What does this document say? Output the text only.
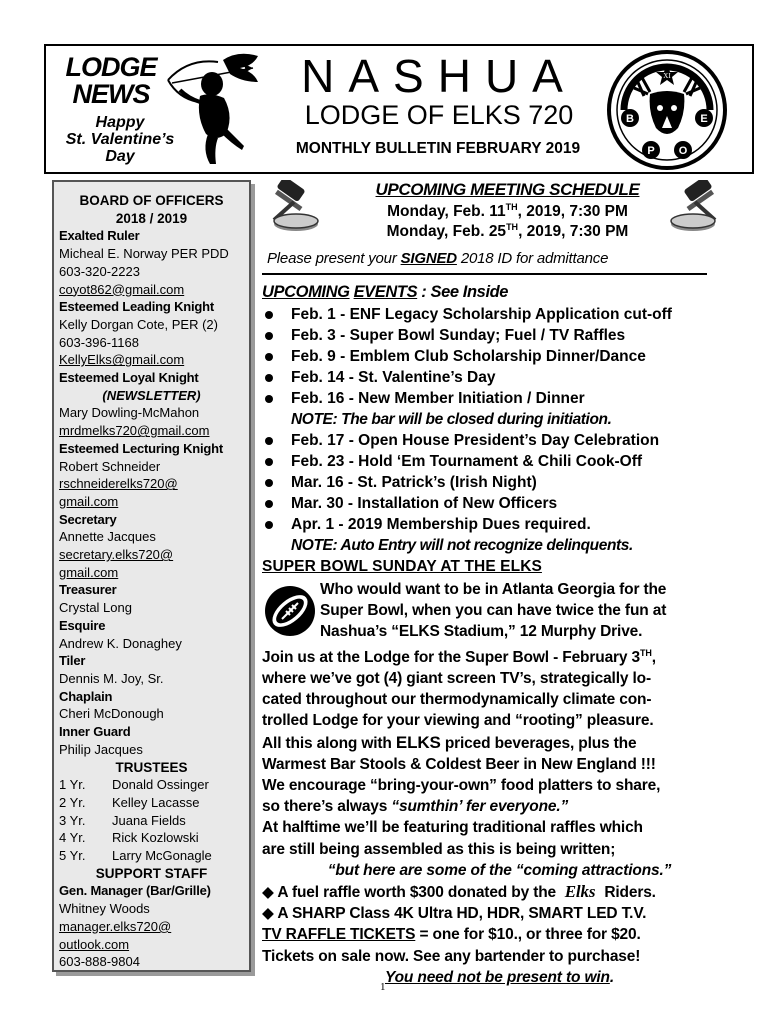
LODGE
NEWS
Happy
St. Valentine’s
Day
NASHUA
LODGE OF ELKS 720
MONTHLY BULLETIN FEBRUARY 2019
XI
B	E
P O
BOARD OF OFFICERS
2018 / 2019
Exalted Ruler
Micheal E. Norway PER PDD
603-320-2223
coyot862@gmail.com
Esteemed Leading Knight
Kelly Dorgan Cote, PER (2)
603-396-1168
KellyElks@gmail.com
Esteemed Loyal Knight
(NEWSLETTER)
Mary Dowling-McMahon
mrdmelks720@gmail.com
Esteemed Lecturing Knight
Robert Schneider
rschneiderelks720@
gmail.com
Secretary
Annette Jacques
secretary.elks720@
gmail.com
Treasurer
Crystal Long
Esquire
Andrew K. Donaghey
Tiler
Dennis M. Joy, Sr.
Chaplain
Cheri McDonough
Inner Guard
Philip Jacques
TRUSTEES
1 Yr.	Donald Ossinger
2 Yr.	Kelley Lacasse
3 Yr.	Juana Fields
4 Yr.	Rick Kozlowski
5 Yr.	Larry McGonagle
SUPPORT STAFF
Gen. Manager (Bar/Grille)
Whitney Woods
manager.elks720@
outlook.com
603-888-9804
UPCOMING MEETING SCHEDULE
Monday, Feb. 11TH, 2019, 7:30 PM
Monday, Feb. 25TH, 2019, 7:30 PM
Please present your SIGNED 2018 ID for admittance
UPCOMING EVENTS : See Inside
Feb. 1 - ENF Legacy Scholarship Application cut-off
Feb. 3 - Super Bowl Sunday; Fuel / TV Raffles
Feb. 9 - Emblem Club Scholarship Dinner/Dance
Feb. 14 - St. Valentine’s Day
Feb. 16 - New Member Initiation / Dinner
NOTE: The bar will be closed during initiation.
Feb. 17 - Open House President’s Day Celebration
Feb. 23 - Hold ‘Em Tournament & Chili Cook-Off
Mar. 16 - St. Patrick’s (Irish Night)
Mar. 30 - Installation of New Officers
Apr. 1 - 2019 Membership Dues required.
NOTE: Auto Entry will not recognize delinquents.
SUPER BOWL SUNDAY AT THE ELKS
Who would want to be in Atlanta Georgia for the
Super Bowl, when you can have twice the fun at
Nashua’s “ELKS Stadium,” 12 Murphy Drive.
Join us at the Lodge for the Super Bowl - February 3TH,
where we’ve got (4) giant screen TV’s, strategically lo-
cated throughout our thermodynamically climate con-
trolled Lodge for your viewing and “rooting” pleasure.
All this along with ELKS priced beverages, plus the
Warmest Bar Stools & Coldest Beer in New England !!!
We encourage “bring-your-own” food platters to share,
so there’s always “sumthin’ fer everyone.”
At halftime we’ll be featuring traditional raffles which
are still being assembled as this is being written;
“but here are some of the “coming attractions.”
◆ A fuel raffle worth $300 donated by the Elks Riders.
◆ A SHARP Class 4K Ultra HD, HDR, SMART LED T.V.
TV RAFFLE TICKETS = one for $10., or three for $20.
Tickets on sale now. See any bartender to purchase!
You need not be present to win.
1
